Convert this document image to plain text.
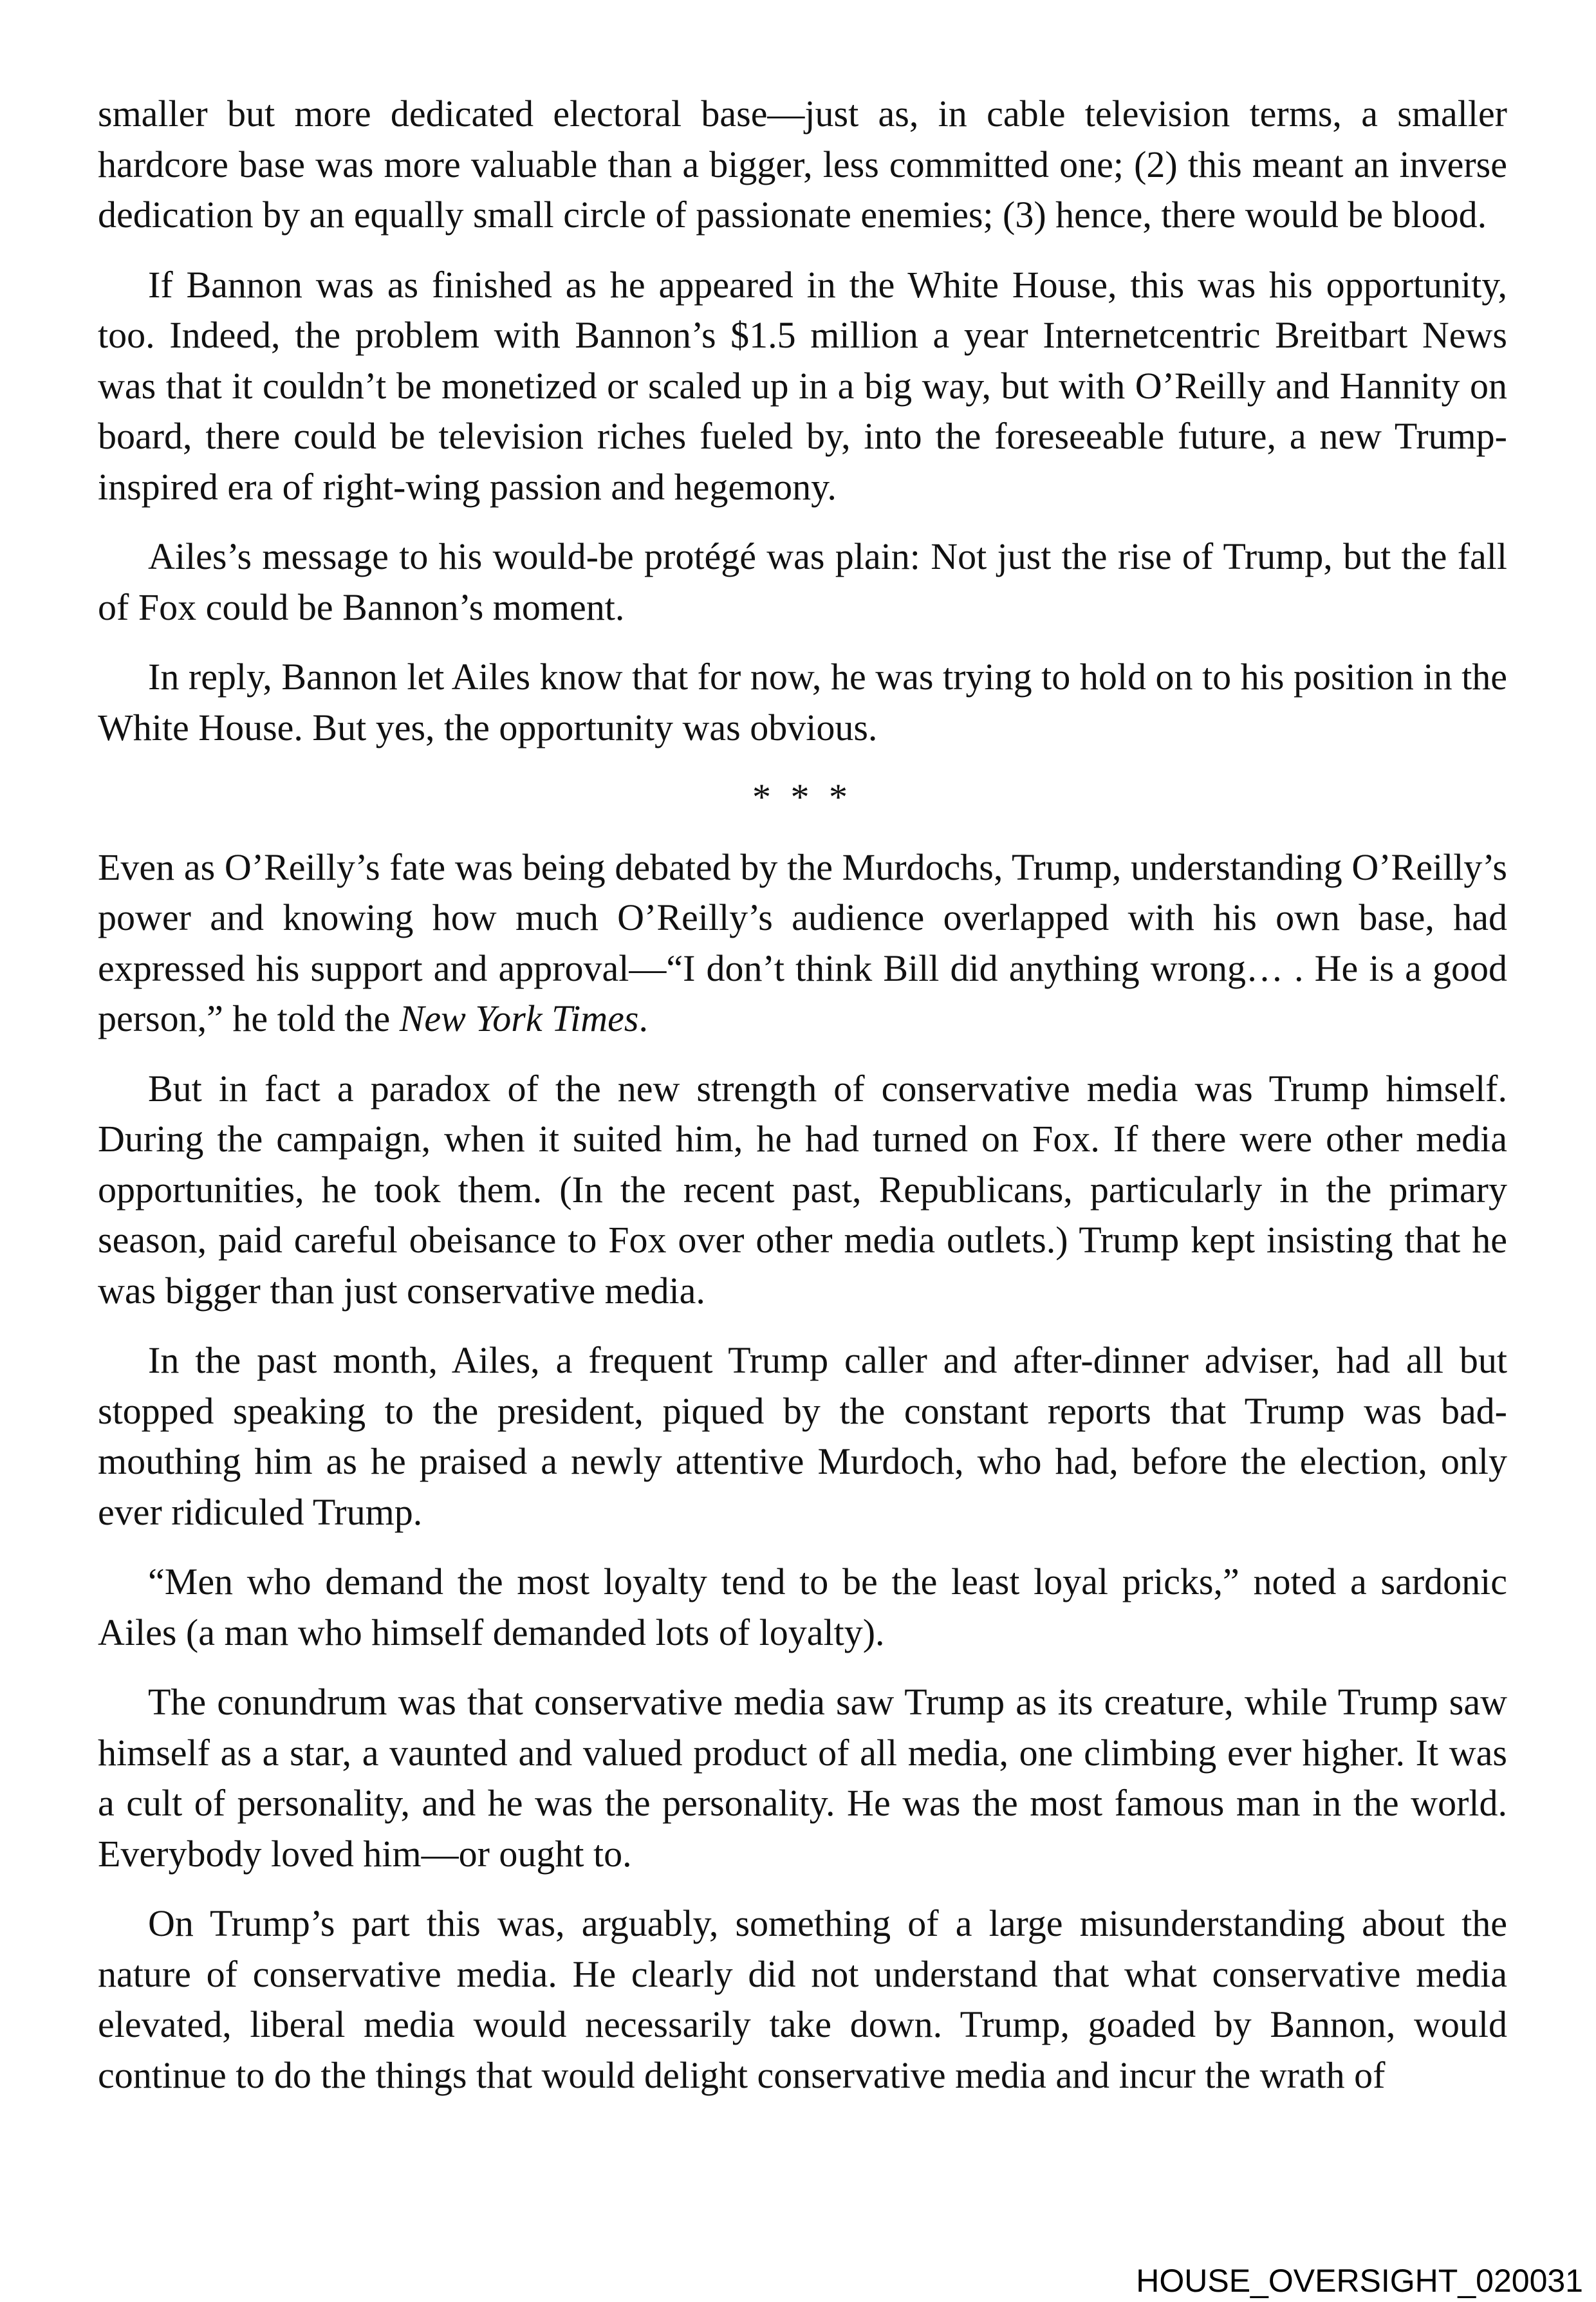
smaller but more dedicated electoral base—just as, in cable television terms, a smaller hardcore base was more valuable than a bigger, less committed one; (2) this meant an inverse dedication by an equally small circle of passionate enemies; (3) hence, there would be blood.

If Bannon was as finished as he appeared in the White House, this was his opportunity, too. Indeed, the problem with Bannon’s $1.5 million a year Internetcentric Breitbart News was that it couldn’t be monetized or scaled up in a big way, but with O’Reilly and Hannity on board, there could be television riches fueled by, into the foreseeable future, a new Trump-inspired era of right-wing passion and hegemony.

Ailes’s message to his would-be protégé was plain: Not just the rise of Trump, but the fall of Fox could be Bannon’s moment.

In reply, Bannon let Ailes know that for now, he was trying to hold on to his position in the White House. But yes, the opportunity was obvious.

* * *

Even as O’Reilly’s fate was being debated by the Murdochs, Trump, understanding O’Reilly’s power and knowing how much O’Reilly’s audience overlapped with his own base, had expressed his support and approval—“I don’t think Bill did anything wrong… . He is a good person,” he told the New York Times.

But in fact a paradox of the new strength of conservative media was Trump himself. During the campaign, when it suited him, he had turned on Fox. If there were other media opportunities, he took them. (In the recent past, Republicans, particularly in the primary season, paid careful obeisance to Fox over other media outlets.) Trump kept insisting that he was bigger than just conservative media.

In the past month, Ailes, a frequent Trump caller and after-dinner adviser, had all but stopped speaking to the president, piqued by the constant reports that Trump was bad-mouthing him as he praised a newly attentive Murdoch, who had, before the election, only ever ridiculed Trump.

“Men who demand the most loyalty tend to be the least loyal pricks,” noted a sardonic Ailes (a man who himself demanded lots of loyalty).

The conundrum was that conservative media saw Trump as its creature, while Trump saw himself as a star, a vaunted and valued product of all media, one climbing ever higher. It was a cult of personality, and he was the personality. He was the most famous man in the world. Everybody loved him—or ought to.

On Trump’s part this was, arguably, something of a large misunderstanding about the nature of conservative media. He clearly did not understand that what conservative media elevated, liberal media would necessarily take down. Trump, goaded by Bannon, would continue to do the things that would delight conservative media and incur the wrath of

HOUSE_OVERSIGHT_020031
